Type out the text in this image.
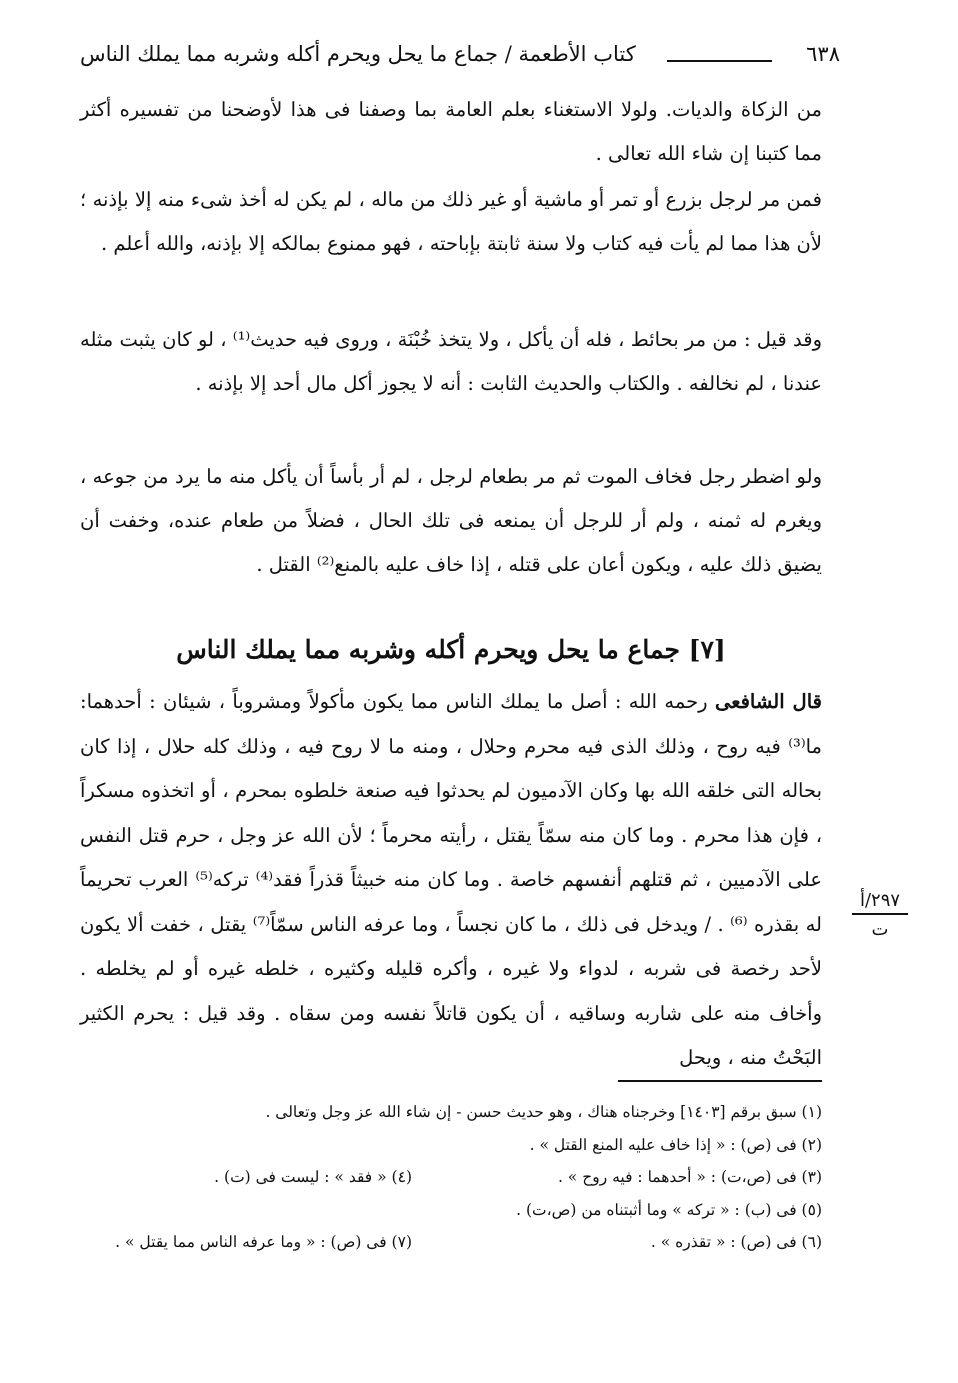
٦٣٨
كتاب الأطعمة / جماع ما يحل ويحرم أكله وشربه مما يملك الناس
من الزكاة والديات. ولولا الاستغناء بعلم العامة بما وصفنا فى هذا لأوضحنا من تفسيره أكثر مما كتبنا إن شاء الله تعالى .
فمن مر لرجل بزرع أو تمر أو ماشية أو غير ذلك من ماله ، لم يكن له أخذ شىء منه إلا بإذنه ؛ لأن هذا مما لم يأت فيه كتاب ولا سنة ثابتة بإباحته ، فهو ممنوع بمالكه إلا بإذنه، والله أعلم .
وقد قيل : من مر بحائط ، فله أن يأكل ، ولا يتخذ خُبْنَة ، وروى فيه حديث⁽¹⁾ ، لو كان يثبت مثله عندنا ، لم نخالفه . والكتاب والحديث الثابت : أنه لا يجوز أكل مال أحد إلا بإذنه .
ولو اضطر رجل فخاف الموت ثم مر بطعام لرجل ، لم أر بأساً أن يأكل منه ما يرد من جوعه ، ويغرم له ثمنه ، ولم أر للرجل أن يمنعه فى تلك الحال ، فضلاً من طعام عنده، وخفت أن يضيق ذلك عليه ، ويكون أعان على قتله ، إذا خاف عليه بالمنع⁽²⁾ القتل .
[٧] جماع ما يحل ويحرم أكله وشربه مما يملك الناس
قال الشافعى رحمه الله : أصل ما يملك الناس مما يكون مأكولاً ومشروباً ، شيئان : أحدهما: ما⁽³⁾ فيه روح ، وذلك الذى فيه محرم وحلال ، ومنه ما لا روح فيه ، وذلك كله حلال ، إذا كان بحاله التى خلقه الله بها وكان الآدميون لم يحدثوا فيه صنعة خلطوه بمحرم ، أو اتخذوه مسكراً ، فإن هذا محرم . وما كان منه سمّاً يقتل ، رأيته محرماً ؛ لأن الله عز وجل ، حرم قتل النفس على الآدميين ، ثم قتلهم أنفسهم خاصة . وما كان منه خبيثاً قذراً فقد⁽⁴⁾ تركه⁽⁵⁾ العرب تحريماً له بقذره ⁽⁶⁾ . / ويدخل فى ذلك ، ما كان نجساً ، وما عرفه الناس سمّاً⁽⁷⁾ يقتل ، خفت ألا يكون لأحد رخصة فى شربه ، لدواء ولا غيره ، وأكره قليله وكثيره ، خلطه غيره أو لم يخلطه . وأخاف منه على شاربه وساقيه ، أن يكون قاتلاً نفسه ومن سقاه . وقد قيل : يحرم الكثير البَحْتُ منه ، ويحل
٢٩٧/أ
ت
(١) سبق برقم [١٤٠٣] وخرجناه هناك ، وهو حديث حسن - إن شاء الله عز وجل وتعالى .
(٢) فى (ص) : « إذا خاف عليه المنع القتل » .
(٣) فى (ص،ت) : « أحدهما : فيه روح » .
(٤) « فقد » : ليست فى (ت) .
(٥) فى (ب) : « تركه » وما أثبتناه من (ص،ت) .
(٦) فى (ص) : « تقذره » .
(٧) فى (ص) : « وما عرفه الناس مما يقتل » .
